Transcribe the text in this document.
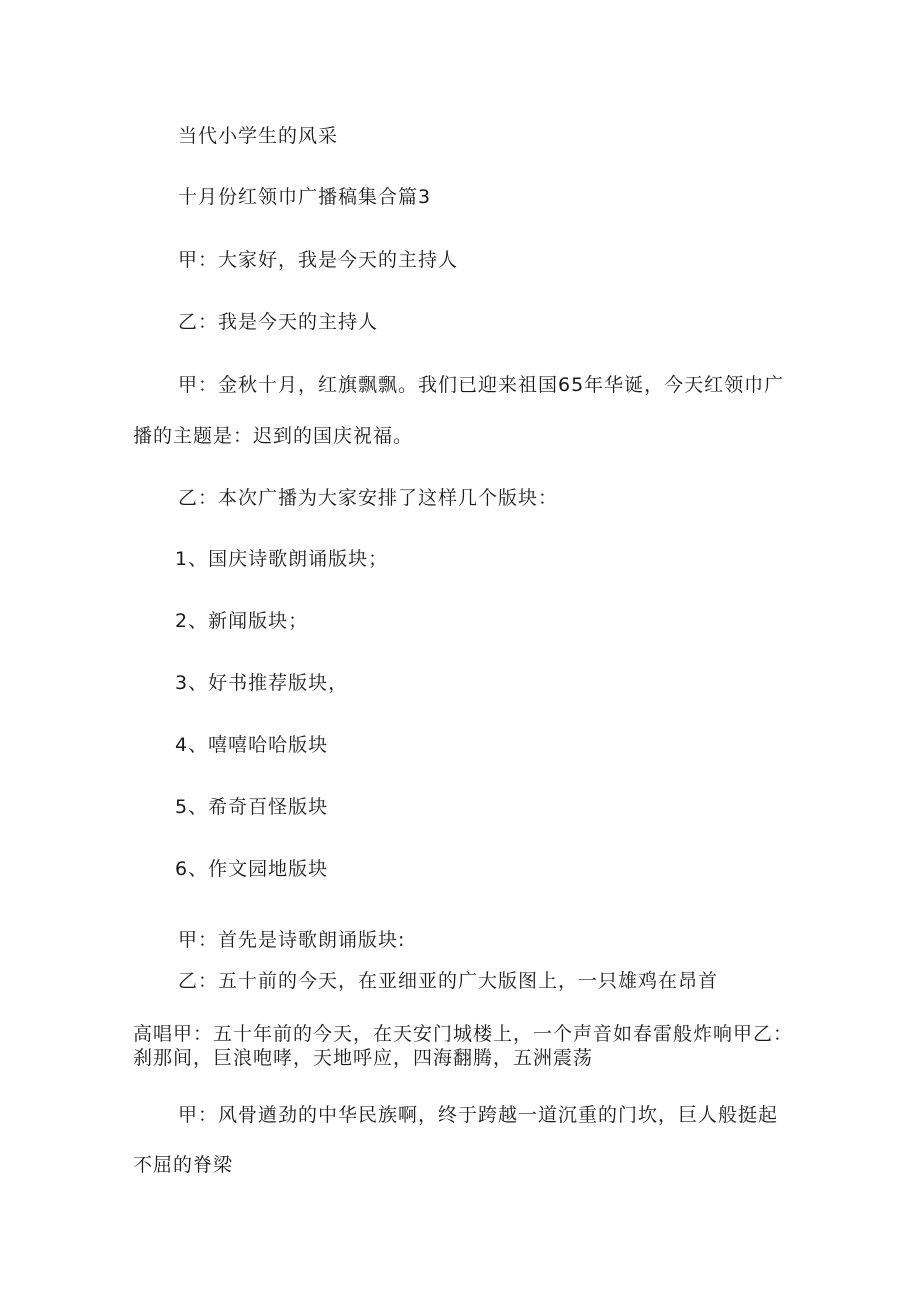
当代小学生的风采
十月份红领巾广播稿集合篇3
甲：大家好，我是今天的主持人
乙：我是今天的主持人
甲：金秋十月，红旗飘飘。我们已迎来祖国65年华诞，今天红领巾广
播的主题是：迟到的国庆祝福。
乙：本次广播为大家安排了这样几个版块：
1、国庆诗歌朗诵版块；
2、新闻版块；
3、好书推荐版块，
4、嘻嘻哈哈版块
5、希奇百怪版块
6、作文园地版块
甲：首先是诗歌朗诵版块:
乙：五十前的今天，在亚细亚的广大版图上，一只雄鸡在昂首
高唱甲：五十年前的今天，在天安门城楼上，一个声音如春雷般炸响甲乙：
刹那间，巨浪咆哮，天地呼应，四海翻腾，五洲震荡
甲：风骨遒劲的中华民族啊，终于跨越一道沉重的门坎，巨人般挺起
不屈的脊梁
